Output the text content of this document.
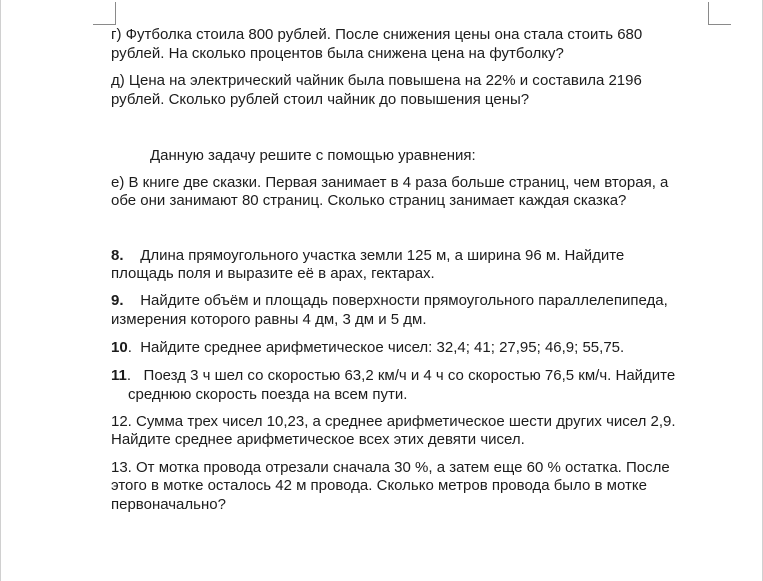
г) Футболка стоила 800 рублей. После снижения цены она стала стоить 680
рублей. На сколько процентов была снижена цена на футболку?
д) Цена на электрический чайник была повышена на 22% и составила 2196
рублей. Сколько рублей стоил чайник до повышения цены?
Данную задачу решите с помощью уравнения:
е) В книге две сказки. Первая занимает в 4 раза больше страниц, чем вторая, а
обе они занимают 80 страниц. Сколько страниц занимает каждая сказка?
8. Длина прямоугольного участка земли 125 м, а ширина 96 м. Найдите
площадь поля и выразите её в арах, гектарах.
9. Найдите объём и площадь поверхности прямоугольного параллелепипеда,
измерения которого равны 4 дм, 3 дм и 5 дм.
10.  Найдите среднее арифметическое чисел: 32,4; 41; 27,95; 46,9; 55,75.
11.   Поезд 3 ч шел со скоростью 63,2 км/ч и 4 ч со скоростью 76,5 км/ч. Найдите
среднюю скорость поезда на всем пути.
12. Сумма трех чисел 10,23, а среднее арифметическое шести других чисел 2,9.
Найдите среднее арифметическое всех этих девяти чисел.
13. От мотка провода отрезали сначала 30 %, а затем еще 60 % остатка. После
этого в мотке осталось 42 м провода. Сколько метров провода было в мотке
первоначально?
